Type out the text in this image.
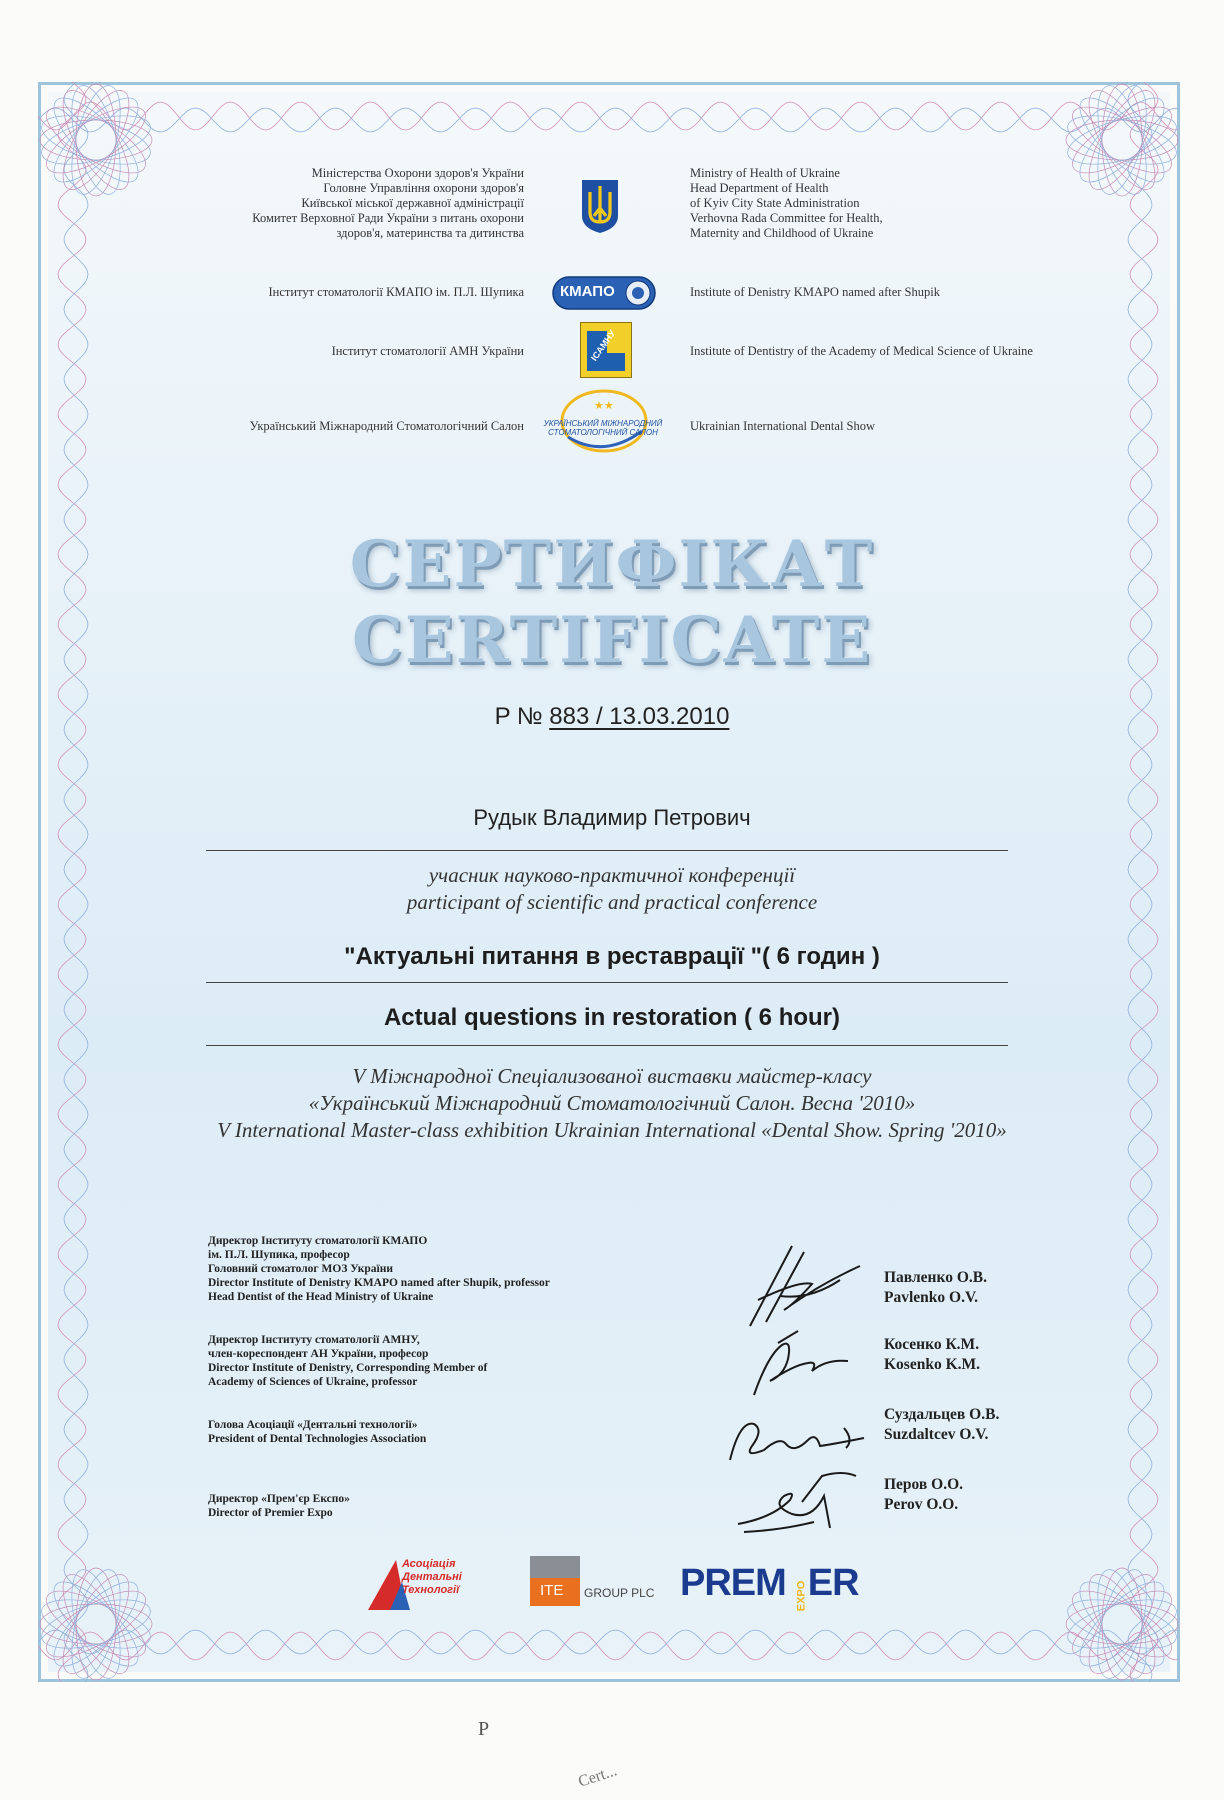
Міністерства Охорони здоров'я України
Головне Управління охорони здоров'я
Київської міської державної адміністрації
Комитет Верховної Ради України з питань охорони
здоров'я, материнства та дитинства
Ministry of Health of Ukraine
Head Department of Health
of Kyiv City State Administration
Verhovna Rada Committee for Health,
Maternity and Childhood of Ukraine
Інститут стоматології КМАПО ім. П.Л. Шупика КМАПО	Institute of Denistry KMAPO named after Shupik
Інститут стоматології АМН України	ICAMHУ	Institute of Dentistry of the Academy of Medical Science of Ukraine
Український Міжнародний Стоматологічний Салон
★★
УКРАЇНСЬКИЙ МІЖНАРОДНИЙ
СТОМАТОЛОГІЧНИЙ САЛОН	Ukrainian International Dental Show
СЕРТИФІКАТ
CERTIFICATE
P № 883 / 13.03.2010
Рудык Владимир Петрович
учасник науково-практичної конференції
participant of scientific and practical conference
"Актуальні питання в реставрації "( 6 годин )
Actual questions in restoration ( 6 hour)
V Міжнародної Спеціализованої виставки майстер-класу
«Український Міжнародний Стоматологічний Салон. Весна '2010»
V International Master-class exhibition Ukrainian International «Dental Show. Spring '2010»
Директор Інституту стоматології КМАПО
ім. П.Л. Шупика, професор
Головний стоматолог МОЗ України
Director Institute of Denistry KMAPO named after Shupik, professor
Head Dentist of the Head Ministry of Ukraine
Павленко О.В.
Pavlenko O.V.
Директор Інституту стоматології АМНУ,
член-кореспондент АН України, професор
Director Institute of Denistry, Corresponding Member of
Academy of Sciences of Ukraine, professor
Косенко К.М.
Kosenko K.M.
Голова Асоціації «Дентальні технології»
President of Dental Technologies Association
Суздальцев О.В.
Suzdaltcev O.V.
Директор «Прем'єр Експо»
Director of Premier Expo
Перов О.О.
Perov O.O.
Асоціація
Дентальні
Технології	ITE GROUP PLC PREM EXPOER
P
Cert...
